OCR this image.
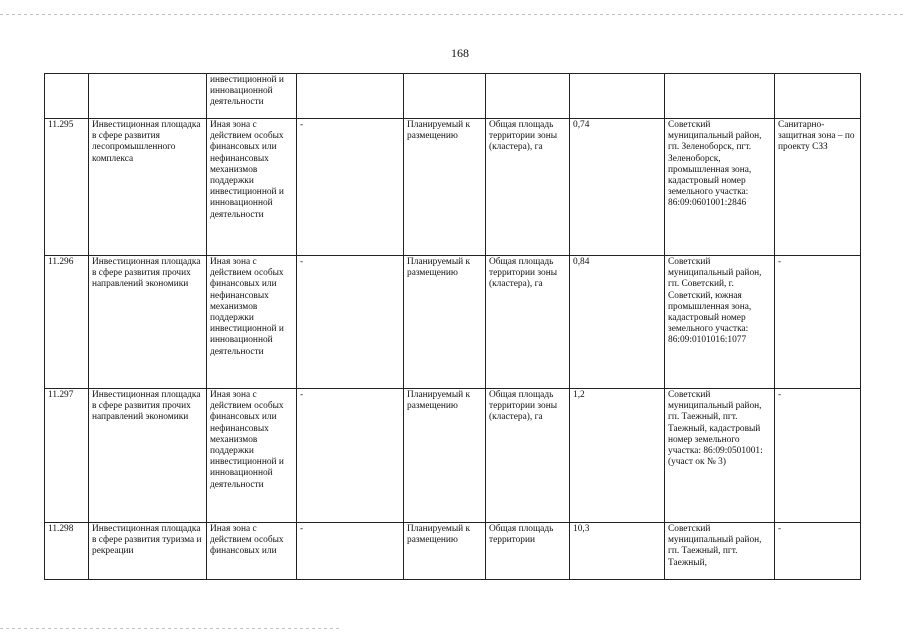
168
		инвестиционной и инновационной деятельности						
11.295	Инвестиционная площадка в сфере развития лесопромышленного комплекса	Иная зона с действием особых финансовых или нефинансовых механизмов поддержки инвестиционной и инновационной деятельности	-	Планируемый к размещению	Общая площадь территории зоны (кластера), га	0,74	Советский муниципальный район, гп. Зеленоборск, пгт. Зеленоборск, промышленная зона, кадастровый номер земельного участка: 86:09:0601001:2846	Санитарно-защитная зона – по проекту СЗЗ
11.296	Инвестиционная площадка в сфере развития прочих направлений экономики	Иная зона с действием особых финансовых или нефинансовых механизмов поддержки инвестиционной и инновационной деятельности	-	Планируемый к размещению	Общая площадь территории зоны (кластера), га	0,84	Советский муниципальный район, гп. Советский, г. Советский, южная промышленная зона, кадастровый номер земельного участка: 86:09:0101016:1077	-
11.297	Инвестиционная площадка в сфере развития прочих направлений экономики	Иная зона с действием особых финансовых или нефинансовых механизмов поддержки инвестиционной и инновационной деятельности	-	Планируемый к размещению	Общая площадь территории зоны (кластера), га	1,2	Советский муниципальный район, гп. Таежный, пгт. Таежный, кадастровый номер земельного участка: 86:09:0501001:(участ ок № 3)	-
11.298	Инвестиционная площадка в сфере развития туризма и рекреации	Иная зона с действием особых финансовых или	-	Планируемый к размещению	Общая площадь территории	10,3	Советский муниципальный район, гп. Таежный, пгт. Таежный,	-
